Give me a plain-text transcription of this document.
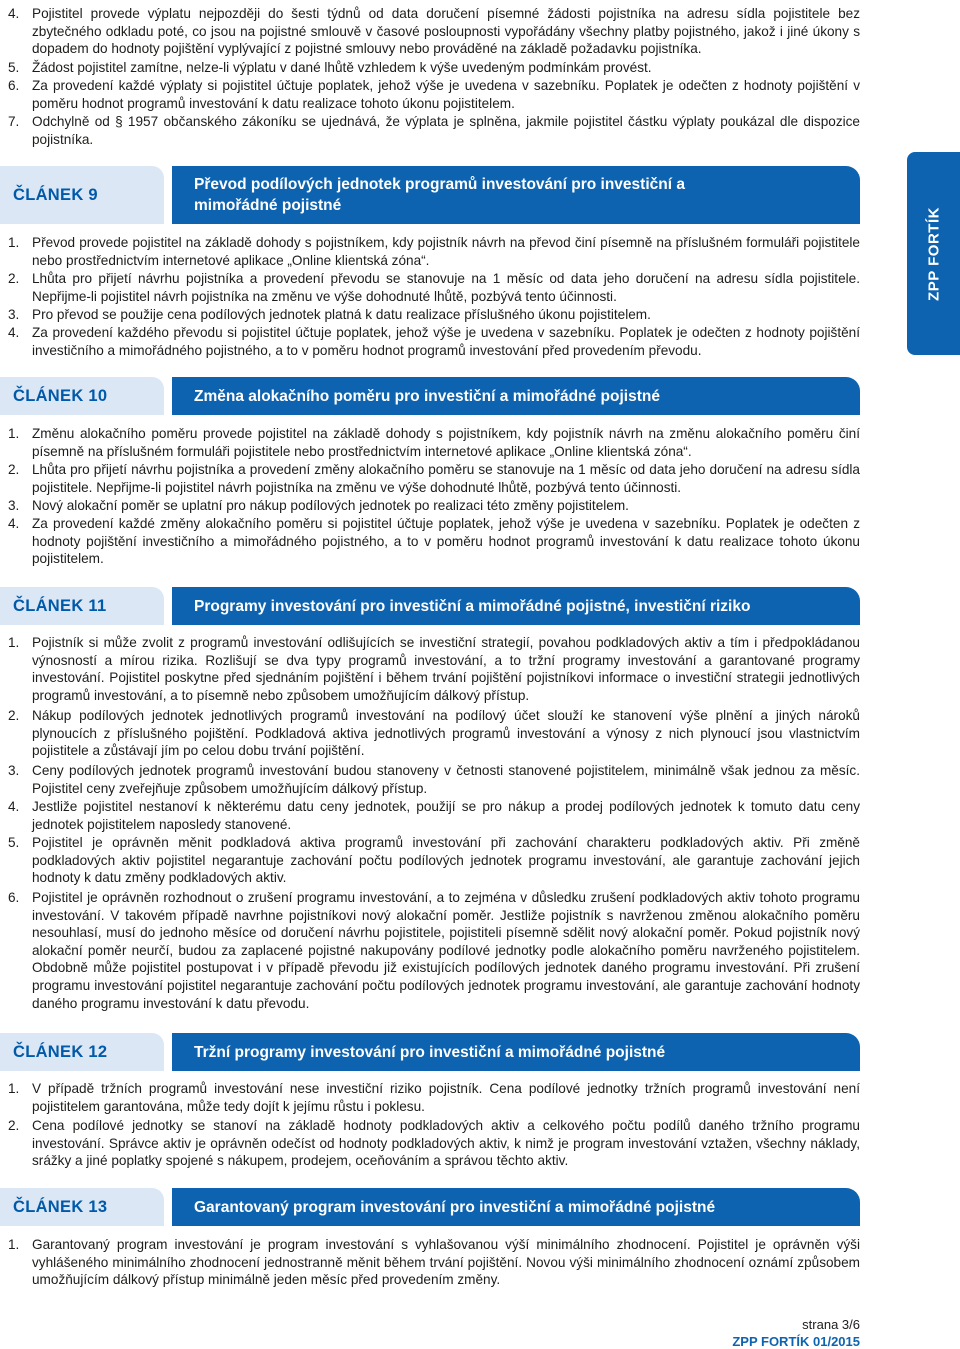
4. Pojistitel provede výplatu nejpozději do šesti týdnů od data doručení písemné žádosti pojistníka na adresu sídla pojistitele bez zbytečného odkladu poté, co jsou na pojistné smlouvě v časové posloupnosti vypořádány všechny platby pojistného, jakož i jiné úkony s dopadem do hodnoty pojištění vyplývající z pojistné smlouvy nebo prováděné na základě požadavku pojistníka.
5. Žádost pojistitel zamítne, nelze-li výplatu v dané lhůtě vzhledem k výše uvedeným podmínkám provést.
6. Za provedení každé výplaty si pojistitel účtuje poplatek, jehož výše je uvedena v sazebníku. Poplatek je odečten z hodnoty pojištění v poměru hodnot programů investování k datu realizace tohoto úkonu pojistitelem.
7. Odchylně od § 1957 občanského zákoníku se ujednává, že výplata je splněna, jakmile pojistitel částku výplaty poukázal dle dispozice pojistníka.
ZPP FORTÍK
ČLÁNEK 9
Převod podílových jednotek programů investování pro investiční a mimořádné pojistné
1. Převod provede pojistitel na základě dohody s pojistníkem, kdy pojistník návrh na převod činí písemně na příslušném formuláři pojistitele nebo prostřednictvím internetové aplikace „Online klientská zóna“.
2. Lhůta pro přijetí návrhu pojistníka a provedení převodu se stanovuje na 1 měsíc od data jeho doručení na adresu sídla pojistitele. Nepřijme-li pojistitel návrh pojistníka na změnu ve výše dohodnuté lhůtě, pozbývá tento účinnosti.
3. Pro převod se použije cena podílových jednotek platná k datu realizace příslušného úkonu pojistitelem.
4. Za provedení každého převodu si pojistitel účtuje poplatek, jehož výše je uvedena v sazebníku. Poplatek je odečten z hodnoty pojištění investičního a mimořádného pojistného, a to v poměru hodnot programů investování před provedením převodu.
ČLÁNEK 10	Změna alokačního poměru pro investiční a mimořádné pojistné
1. Změnu alokačního poměru provede pojistitel na základě dohody s pojistníkem, kdy pojistník návrh na změnu alokačního poměru činí písemně na příslušném formuláři pojistitele nebo prostřednictvím internetové aplikace „Online klientská zóna“.
2. Lhůta pro přijetí návrhu pojistníka a provedení změny alokačního poměru se stanovuje na 1 měsíc od data jeho doručení na adresu sídla pojistitele. Nepřijme-li pojistitel návrh pojistníka na změnu ve výše dohodnuté lhůtě, pozbývá tento účinnosti.
3. Nový alokační poměr se uplatní pro nákup podílových jednotek po realizaci této změny pojistitelem.
4. Za provedení každé změny alokačního poměru si pojistitel účtuje poplatek, jehož výše je uvedena v sazebníku. Poplatek je odečten z hodnoty pojištění investičního a mimořádného pojistného, a to v poměru hodnot programů investování k datu realizace tohoto úkonu pojistitelem.
ČLÁNEK 11	Programy investování pro investiční a mimořádné pojistné, investiční riziko
1. Pojistník si může zvolit z programů investování odlišujících se investiční strategií, povahou podkladových aktiv a tím i předpokládanou výnosností a mírou rizika. Rozlišují se dva typy programů investování, a to tržní programy investování a garantované programy investování. Pojistitel poskytne před sjednáním pojištění i během trvání pojištění pojistníkovi informace o investiční strategii jednotlivých programů investování, a to písemně nebo způsobem umožňujícím dálkový přístup.
2. Nákup podílových jednotek jednotlivých programů investování na podílový účet slouží ke stanovení výše plnění a jiných nároků plynoucích z příslušného pojištění. Podkladová aktiva jednotlivých programů investování a výnosy z nich plynoucí jsou vlastnictvím pojistitele a zůstávají jím po celou dobu trvání pojištění.
3. Ceny podílových jednotek programů investování budou stanoveny v četnosti stanovené pojistitelem, minimálně však jednou za měsíc. Pojistitel ceny zveřejňuje způsobem umožňujícím dálkový přístup.
4. Jestliže pojistitel nestanoví k některému datu ceny jednotek, použijí se pro nákup a prodej podílových jednotek k tomuto datu ceny jednotek pojistitelem naposledy stanovené.
5. Pojistitel je oprávněn měnit podkladová aktiva programů investování při zachování charakteru podkladových aktiv. Při změně podkladových aktiv pojistitel negarantuje zachování počtu podílových jednotek programu investování, ale garantuje zachování jejich hodnoty k datu změny podkladových aktiv.
6. Pojistitel je oprávněn rozhodnout o zrušení programu investování, a to zejména v důsledku zrušení podkladových aktiv tohoto programu investování. V takovém případě navrhne pojistníkovi nový alokační poměr. Jestliže pojistník s navrženou změnou alokačního poměru nesouhlasí, musí do jednoho měsíce od doručení návrhu pojistitele, pojistiteli písemně sdělit nový alokační poměr. Pokud pojistník nový alokační poměr neurčí, budou za zaplacené pojistné nakupovány podílové jednotky podle alokačního poměru navrženého pojistitelem. Obdobně může pojistitel postupovat i v případě převodu již existujících podílových jednotek daného programu investování. Při zrušení programu investování pojistitel negarantuje zachování počtu podílových jednotek programu investování, ale garantuje zachování hodnoty daného programu investování k datu převodu.
ČLÁNEK 12	Tržní programy investování pro investiční a mimořádné pojistné
1. V případě tržních programů investování nese investiční riziko pojistník. Cena podílové jednotky tržních programů investování není pojistitelem garantována, může tedy dojít k jejímu růstu i poklesu.
2. Cena podílové jednotky se stanoví na základě hodnoty podkladových aktiv a celkového počtu podílů daného tržního programu investování. Správce aktiv je oprávněn odečíst od hodnoty podkladových aktiv, k nimž je program investování vztažen, všechny náklady, srážky a jiné poplatky spojené s nákupem, prodejem, oceňováním a správou těchto aktiv.
ČLÁNEK 13	Garantovaný program investování pro investiční a mimořádné pojistné
1. Garantovaný program investování je program investování s vyhlašovanou výší minimálního zhodnocení. Pojistitel je oprávněn výši vyhlášeného minimálního zhodnocení jednostranně měnit během trvání pojištění. Novou výši minimálního zhodnocení oznámí způsobem umožňujícím dálkový přístup minimálně jeden měsíc před provedením změny.
strana 3/6
ZPP FORTÍK 01/2015
